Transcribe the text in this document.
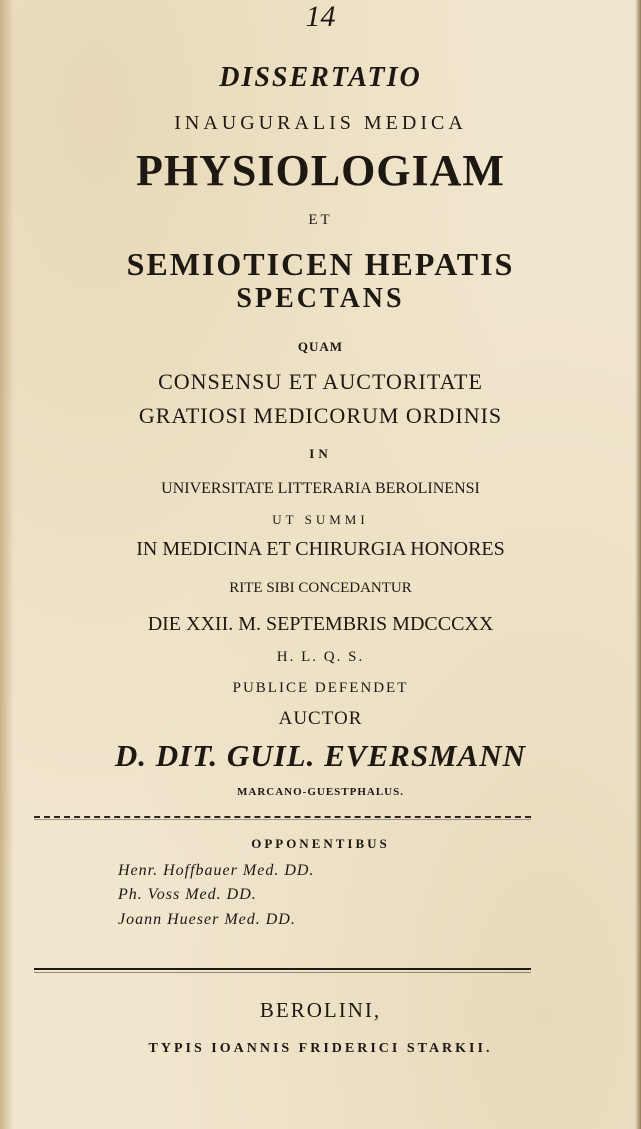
14
DISSERTATIO
INAUGURALIS MEDICA
PHYSIOLOGIAM
ET
SEMIOTICEN HEPATIS
SPECTANS
QUAM
CONSENSU ET AUCTORITATE
GRATIOSI MEDICORUM ORDINIS
IN
UNIVERSITATE LITTERARIA BEROLINENSI
UT SUMMI
IN MEDICINA ET CHIRURGIA HONORES
RITE SIBI CONCEDANTUR
DIE XXII. M. SEPTEMBRIS MDCCCXX
H. L. Q. S.
PUBLICE DEFENDET
AUCTOR
D. DIT. GUIL. EVERSMANN
MARCANO-GUESTPHALUS.
OPPONENTIBUS
Henr. Hoffbauer Med. DD.
Ph. Voss Med. DD.
Joann Hueser Med. DD.
BEROLINI,
TYPIS IOANNIS FRIDERICI STARKII.
